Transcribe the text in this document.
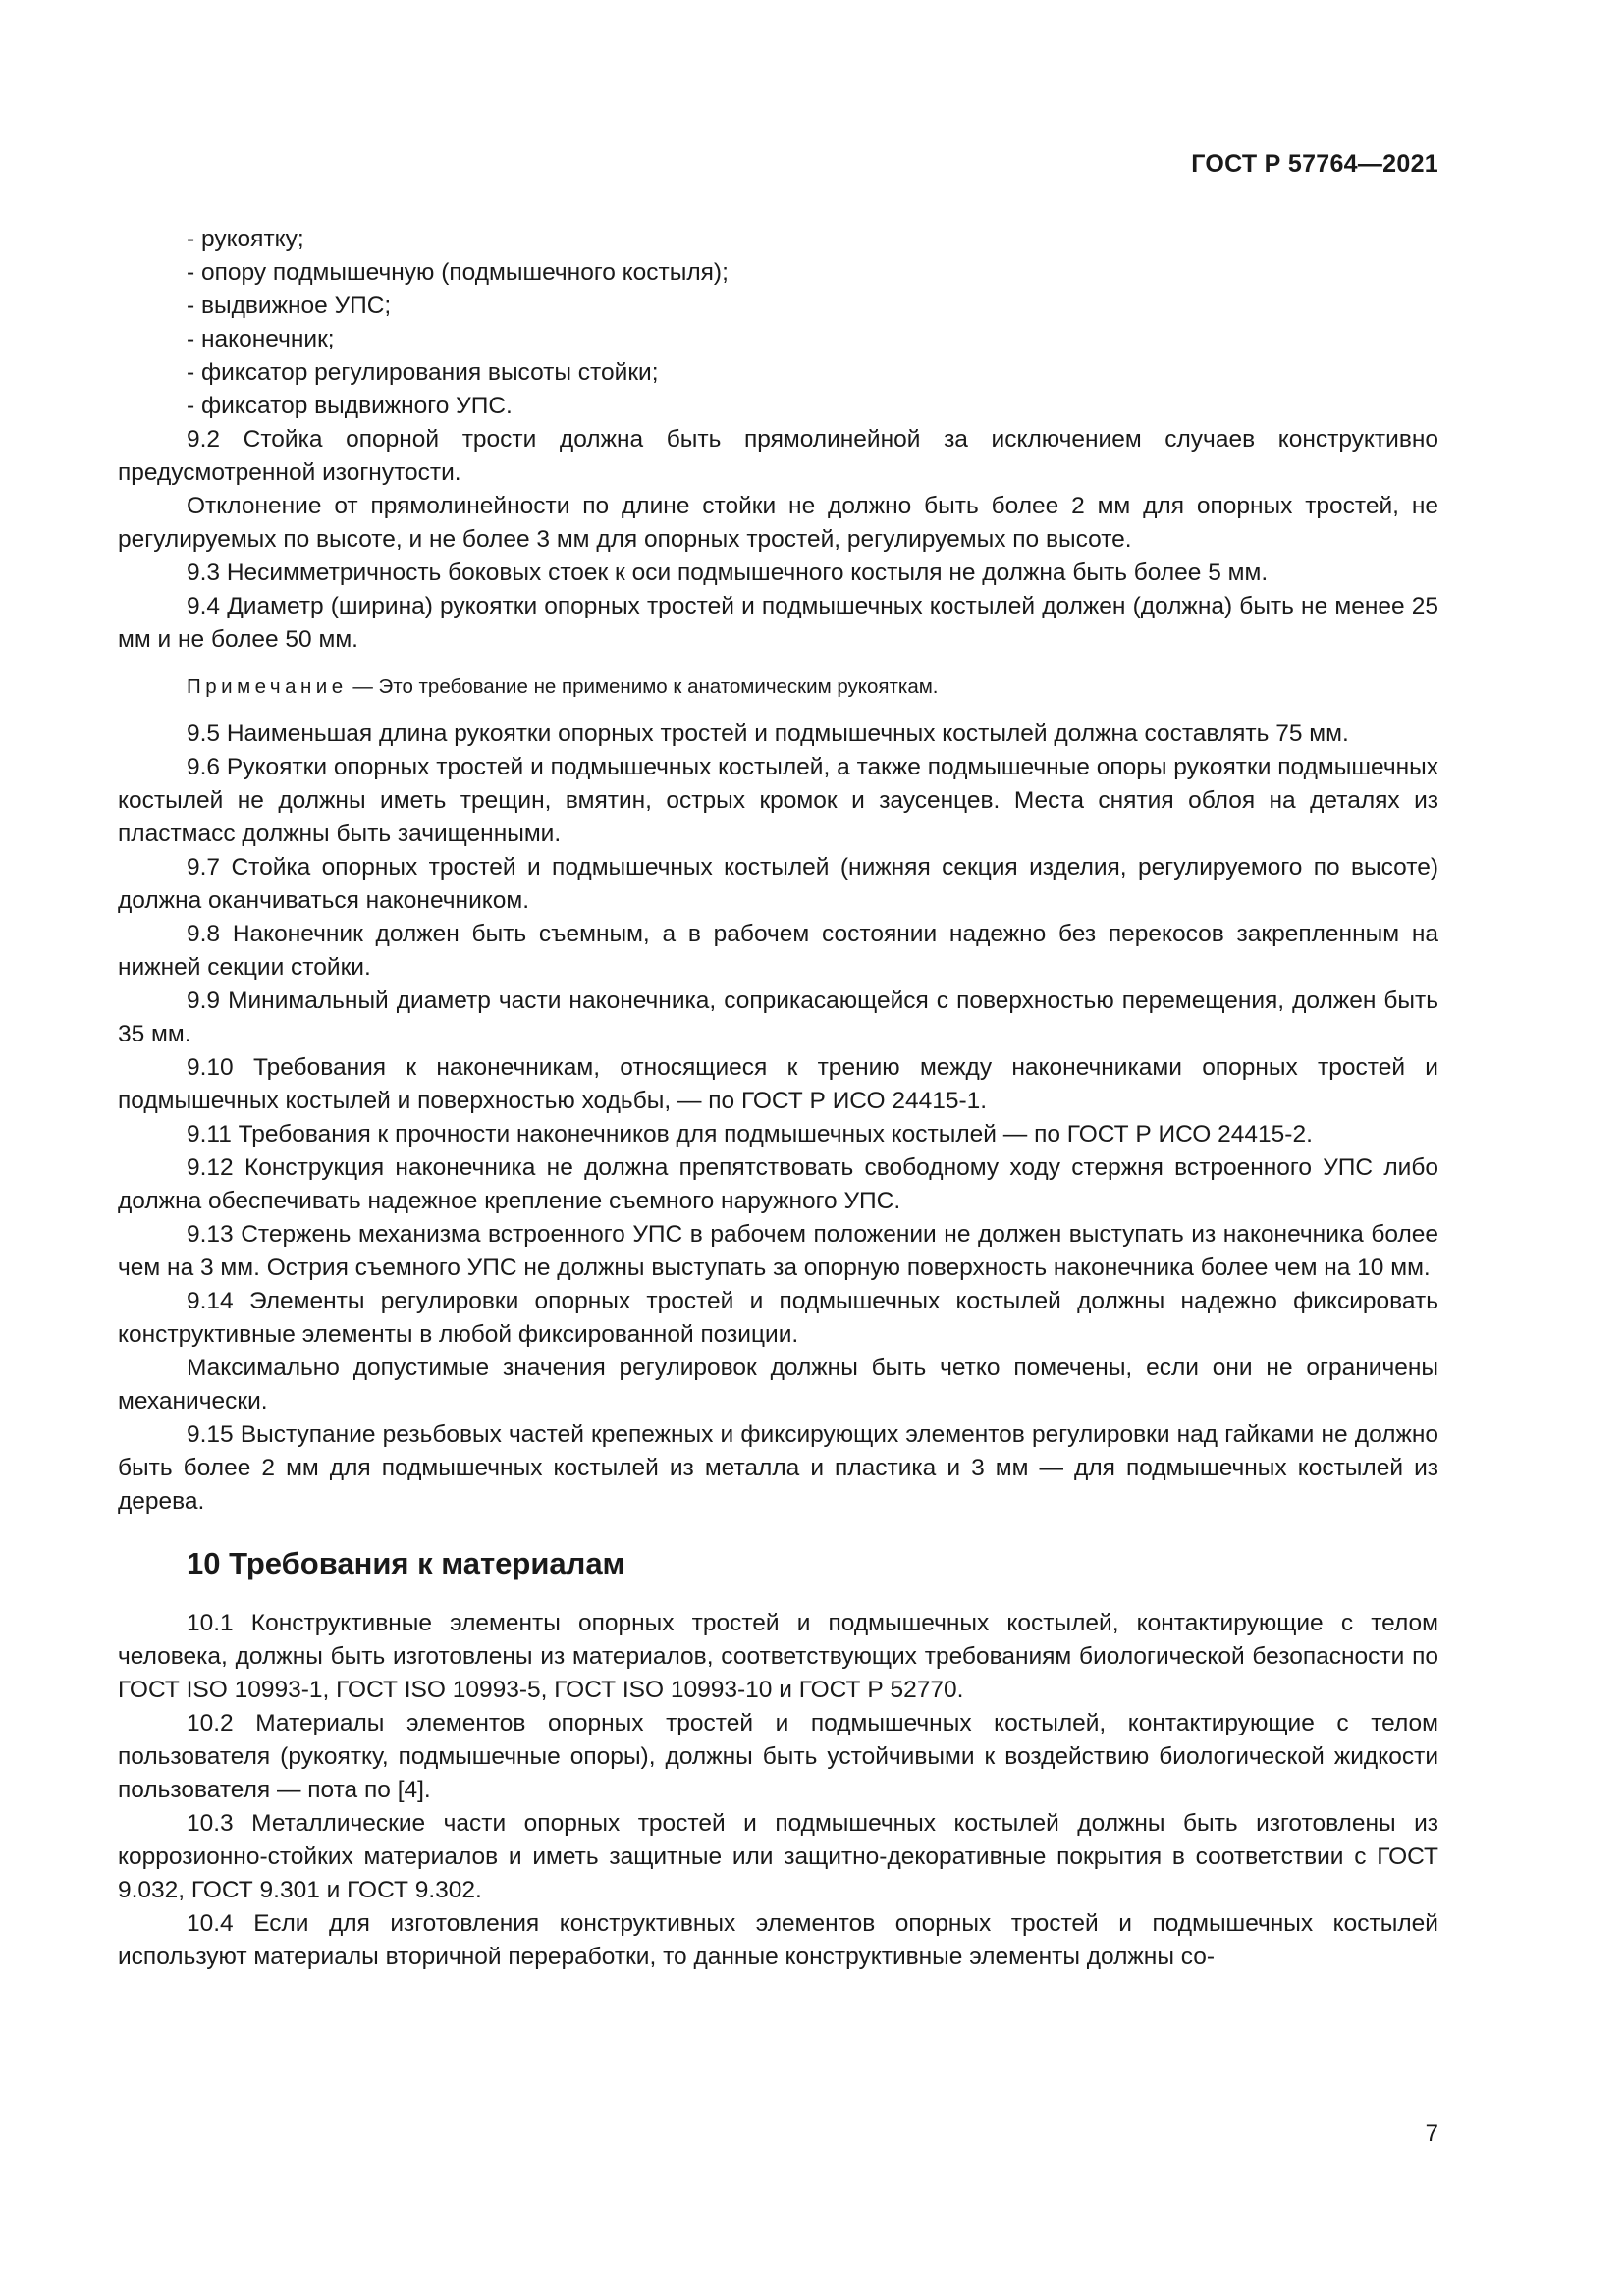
ГОСТ Р 57764—2021

- рукоятку;

- опору подмышечную (подмышечного костыля);

- выдвижное УПС;

- наконечник;

- фиксатор регулирования высоты стойки;

- фиксатор выдвижного УПС.

9.2 Стойка опорной трости должна быть прямолинейной за исключением случаев конструктивно предусмотренной изогнутости.

Отклонение от прямолинейности по длине стойки не должно быть более 2 мм для опорных тростей, не регулируемых по высоте, и не более 3 мм для опорных тростей, регулируемых по высоте.

9.3 Несимметричность боковых стоек к оси подмышечного костыля не должна быть более 5 мм.

9.4 Диаметр (ширина) рукоятки опорных тростей и подмышечных костылей должен (должна) быть не менее 25 мм и не более 50 мм.

Примечание — Это требование не применимо к анатомическим рукояткам.

9.5 Наименьшая длина рукоятки опорных тростей и подмышечных костылей должна составлять 75 мм.

9.6 Рукоятки опорных тростей и подмышечных костылей, а также подмышечные опоры рукоятки подмышечных костылей не должны иметь трещин, вмятин, острых кромок и заусенцев. Места снятия облоя на деталях из пластмасс должны быть зачищенными.

9.7 Стойка опорных тростей и подмышечных костылей (нижняя секция изделия, регулируемого по высоте) должна оканчиваться наконечником.

9.8 Наконечник должен быть съемным, а в рабочем состоянии надежно без перекосов закрепленным на нижней секции стойки.

9.9 Минимальный диаметр части наконечника, соприкасающейся с поверхностью перемещения, должен быть 35 мм.

9.10 Требования к наконечникам, относящиеся к трению между наконечниками опорных тростей и подмышечных костылей и поверхностью ходьбы, — по ГОСТ Р ИСО 24415-1.

9.11 Требования к прочности наконечников для подмышечных костылей — по ГОСТ Р ИСО 24415-2.

9.12 Конструкция наконечника не должна препятствовать свободному ходу стержня встроенного УПС либо должна обеспечивать надежное крепление съемного наружного УПС.

9.13 Стержень механизма встроенного УПС в рабочем положении не должен выступать из наконечника более чем на 3 мм. Острия съемного УПС не должны выступать за опорную поверхность наконечника более чем на 10 мм.

9.14 Элементы регулировки опорных тростей и подмышечных костылей должны надежно фиксировать конструктивные элементы в любой фиксированной позиции.

Максимально допустимые значения регулировок должны быть четко помечены, если они не ограничены механически.

9.15 Выступание резьбовых частей крепежных и фиксирующих элементов регулировки над гайками не должно быть более 2 мм для подмышечных костылей из металла и пластика и 3 мм — для подмышечных костылей из дерева.

10 Требования к материалам

10.1 Конструктивные элементы опорных тростей и подмышечных костылей, контактирующие с телом человека, должны быть изготовлены из материалов, соответствующих требованиям биологической безопасности по ГОСТ ISO 10993-1, ГОСТ ISO 10993-5, ГОСТ ISO 10993-10 и ГОСТ Р 52770.

10.2 Материалы элементов опорных тростей и подмышечных костылей, контактирующие с телом пользователя (рукоятку, подмышечные опоры), должны быть устойчивыми к воздействию биологической жидкости пользователя — пота по [4].

10.3 Металлические части опорных тростей и подмышечных костылей должны быть изготовлены из коррозионно-стойких материалов и иметь защитные или защитно-декоративные покрытия в соответствии с ГОСТ 9.032, ГОСТ 9.301 и ГОСТ 9.302.

10.4 Если для изготовления конструктивных элементов опорных тростей и подмышечных костылей используют материалы вторичной переработки, то данные конструктивные элементы должны со-

7
